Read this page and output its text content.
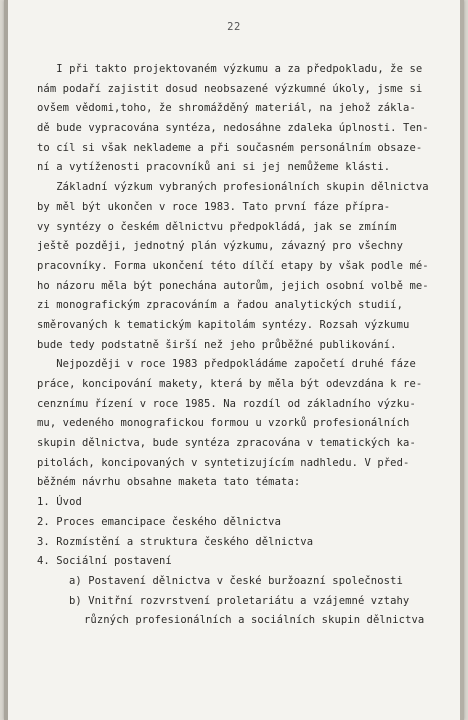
22
I při takto projektovaném výzkumu a za předpokladu, že se
nám podaří zajistit dosud neobsazené výzkumné úkoly, jsme si
ovšem vědomi,toho, že shromážděný materiál, na jehož zákla-
dě bude vypracována syntéza, nedosáhne zdaleka úplnosti. Ten-
to cíl si však neklademe a při současném personálním obsaze-
ní a vytíženosti pracovníků ani si jej nemůžeme klásti.
Základní výzkum vybraných profesionálních skupin dělnictva
by měl být ukončen v roce 1983. Tato první fáze přípra-
vy syntézy o českém dělnictvu předpokládá, jak se zmíním
ještě později, jednotný plán výzkumu, závazný pro všechny
pracovníky. Forma ukončení této dílčí etapy by však podle mé-
ho názoru měla být ponechána autorům, jejich osobní volbě me-
zi monografickým zpracováním a řadou analytických studií,
směrovaných k tematickým kapitolám syntézy. Rozsah výzkumu
bude tedy podstatně širší než jeho průběžné publikování.
Nejpozději v roce 1983 předpokládáme započetí druhé fáze
práce, koncipování makety, která by měla být odevzdána k re-
cenznímu řízení v roce 1985. Na rozdíl od základního výzku-
mu, vedeného monografickou formou u vzorků profesionálních
skupin dělnictva, bude syntéza zpracována v tematických ka-
pitolách, koncipovaných v syntetizujícím nadhledu. V před-
běžném návrhu obsahne maketa tato témata:
1. Úvod
2. Proces emancipace českého dělnictva
3. Rozmístění a struktura českého dělnictva
4. Sociální postavení
a) Postavení dělnictva v české buržoazní společnosti
b) Vnitřní rozvrstvení proletariátu a vzájemné vztahy
různých profesionálních a sociálních skupin dělnictva
